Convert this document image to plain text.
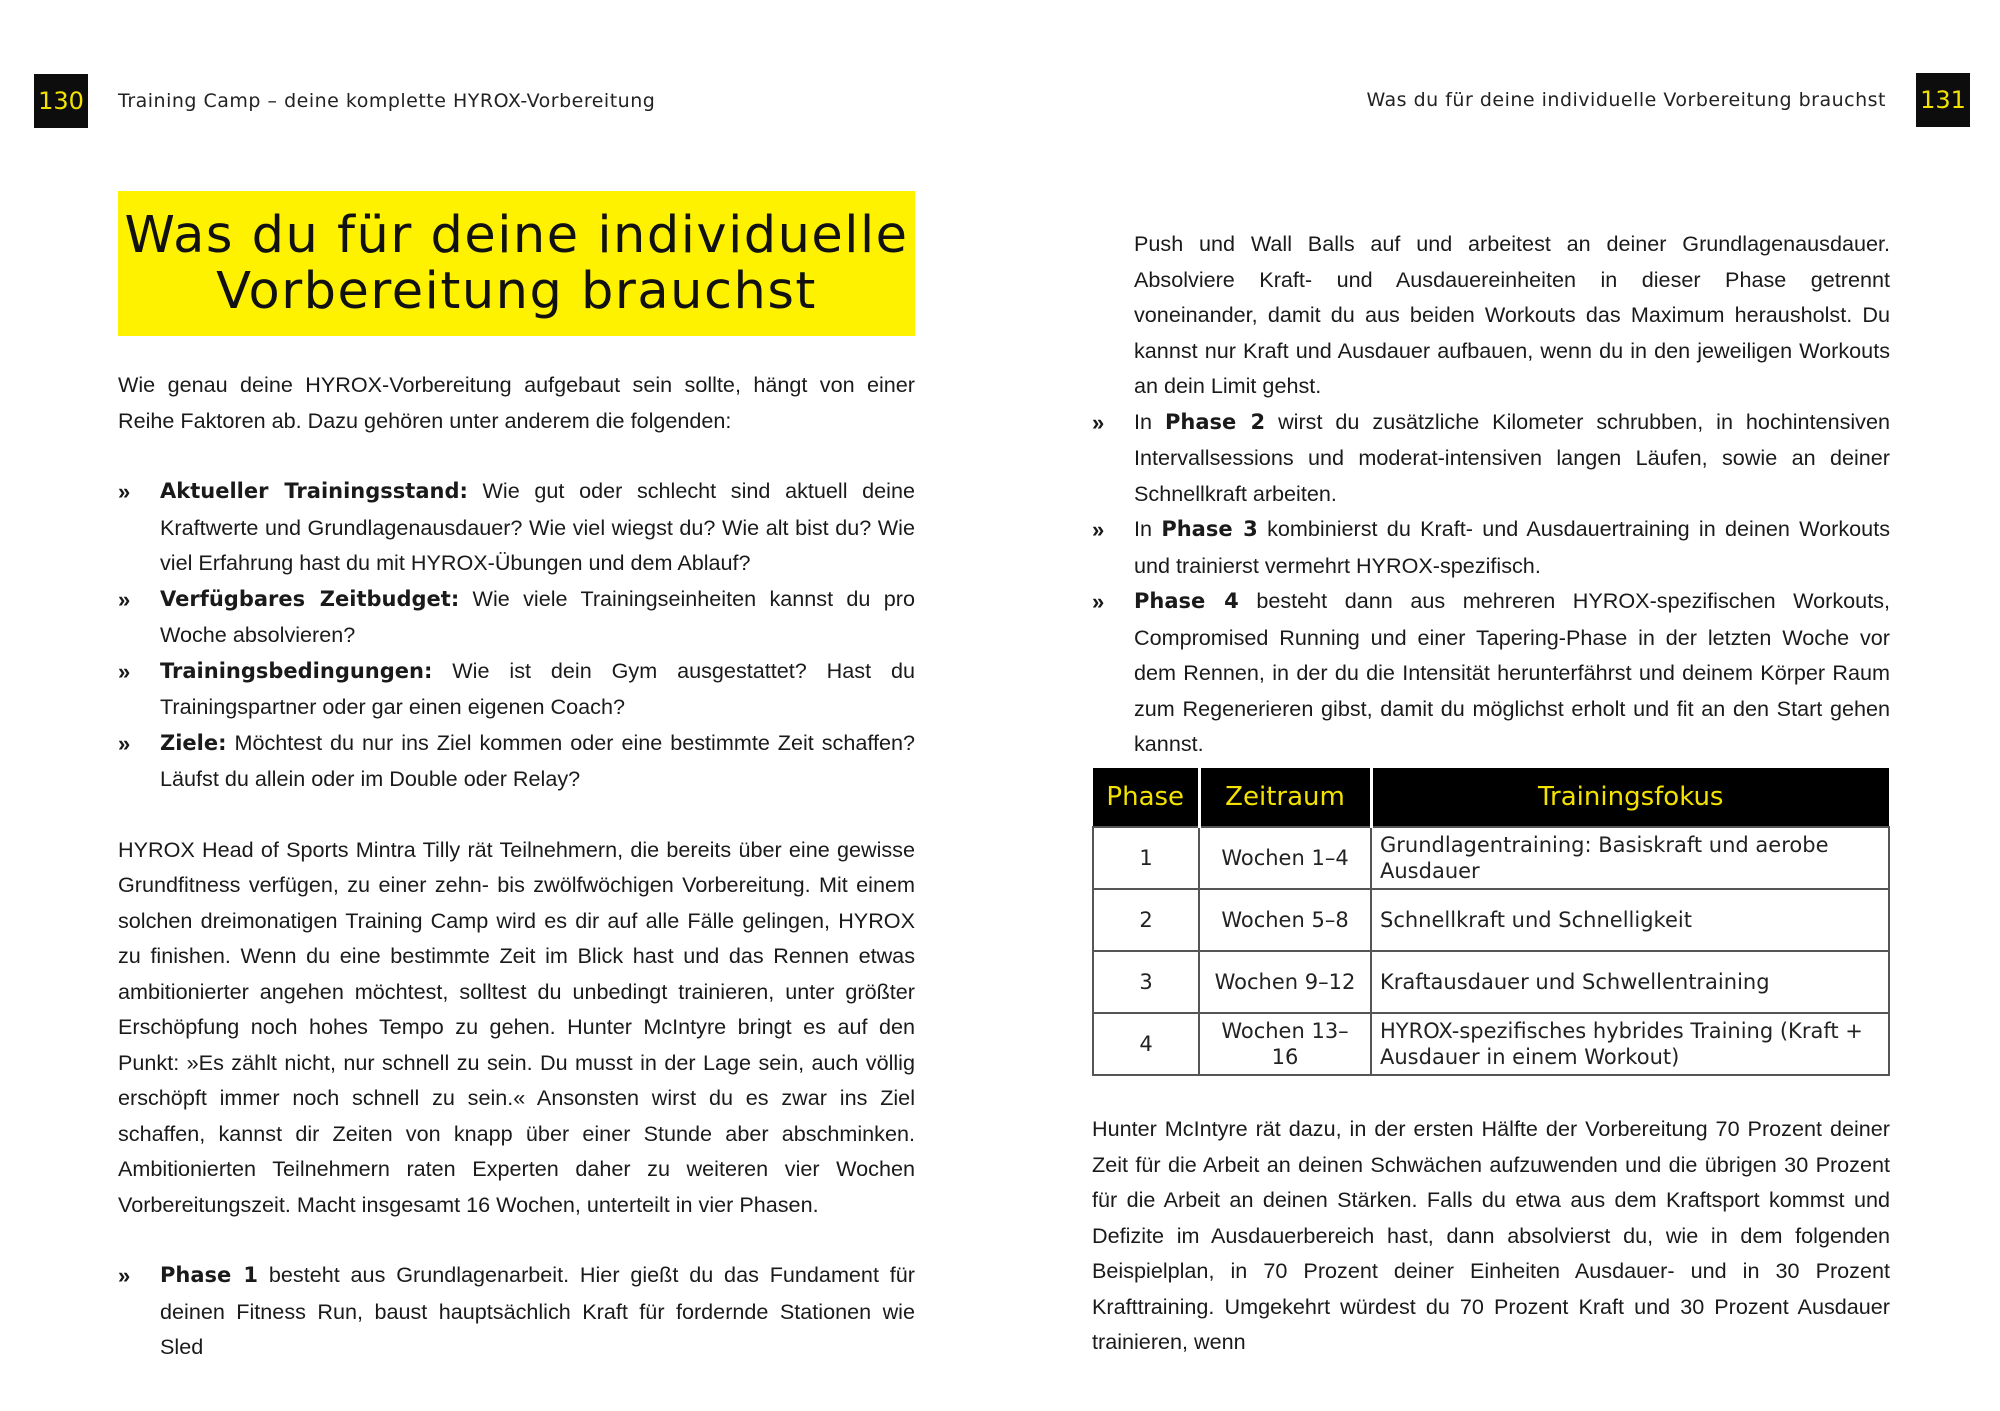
130 Training Camp – deine komplette HYROX-Vorbereitung	Was du für deine individuelle Vorbereitung brauchst 131
Was du für deine individuelle
Vorbereitung brauchst

Wie genau deine HYROX-Vorbereitung aufgebaut sein sollte, hängt von einer Reihe Faktoren ab. Dazu gehören unter anderem die folgenden:

» Aktueller Trainingsstand: Wie gut oder schlecht sind aktuell deine Kraftwerte und Grundlagenausdauer? Wie viel wiegst du? Wie alt bist du? Wie viel Erfahrung hast du mit HYROX-Übungen und dem Ablauf?
» Verfügbares Zeitbudget: Wie viele Trainingseinheiten kannst du pro Woche absolvieren?
» Trainingsbedingungen: Wie ist dein Gym ausgestattet? Hast du Trainingspartner oder gar einen eigenen Coach?
» Ziele: Möchtest du nur ins Ziel kommen oder eine bestimmte Zeit schaffen? Läufst du allein oder im Double oder Relay?

HYROX Head of Sports Mintra Tilly rät Teilnehmern, die bereits über eine gewisse Grundfitness verfügen, zu einer zehn- bis zwölfwöchigen Vorbereitung. Mit einem solchen dreimonatigen Training Camp wird es dir auf alle Fälle gelingen, HYROX zu finishen. Wenn du eine bestimmte Zeit im Blick hast und das Rennen etwas ambitionierter angehen möchtest, solltest du unbedingt trainieren, unter größter Erschöpfung noch hohes Tempo zu gehen. Hunter McIntyre bringt es auf den Punkt: »Es zählt nicht, nur schnell zu sein. Du musst in der Lage sein, auch völlig erschöpft immer noch schnell zu sein.« Ansonsten wirst du es zwar ins Ziel schaffen, kannst dir Zeiten von knapp über einer Stunde aber abschminken. Ambitionierten Teilnehmern raten Experten daher zu weiteren vier Wochen Vorbereitungszeit. Macht insgesamt 16 Wochen, unterteilt in vier Phasen.

» Phase 1 besteht aus Grundlagenarbeit. Hier gießt du das Fundament für deinen Fitness Run, baust hauptsächlich Kraft für fordernde Stationen wie Sled

Push und Wall Balls auf und arbeitest an deiner Grundlagenausdauer. Absolviere Kraft- und Ausdauereinheiten in dieser Phase getrennt voneinander, damit du aus beiden Workouts das Maximum herausholst. Du kannst nur Kraft und Ausdauer aufbauen, wenn du in den jeweiligen Workouts an dein Limit gehst.

» In Phase 2 wirst du zusätzliche Kilometer schrubben, in hochintensiven Intervallsessions und moderat-intensiven langen Läufen, sowie an deiner Schnellkraft arbeiten.
» In Phase 3 kombinierst du Kraft- und Ausdauertraining in deinen Workouts und trainierst vermehrt HYROX-spezifisch.
» Phase 4 besteht dann aus mehreren HYROX-spezifischen Workouts, Compromised Running und einer Tapering-Phase in der letzten Woche vor dem Rennen, in der du die Intensität herunterfährst und deinem Körper Raum zum Regenerieren gibst, damit du möglichst erholt und fit an den Start gehen kannst.
Phase	Zeitraum	Trainingsfokus
1	Wochen 1–4	Grundlagentraining: Basiskraft und aerobe Ausdauer
2	Wochen 5–8	Schnellkraft und Schnelligkeit
3	Wochen 9–12	Kraftausdauer und Schwellentraining
4	Wochen 13–16	HYROX-spezifisches hybrides Training (Kraft + Ausdauer in einem Workout)

Hunter McIntyre rät dazu, in der ersten Hälfte der Vorbereitung 70 Prozent deiner Zeit für die Arbeit an deinen Schwächen aufzuwenden und die übrigen 30 Prozent für die Arbeit an deinen Stärken. Falls du etwa aus dem Kraftsport kommst und Defizite im Ausdauerbereich hast, dann absolvierst du, wie in dem folgenden Beispielplan, in 70 Prozent deiner Einheiten Ausdauer- und in 30 Prozent Krafttraining. Umgekehrt würdest du 70 Prozent Kraft und 30 Prozent Ausdauer trainieren, wenn
